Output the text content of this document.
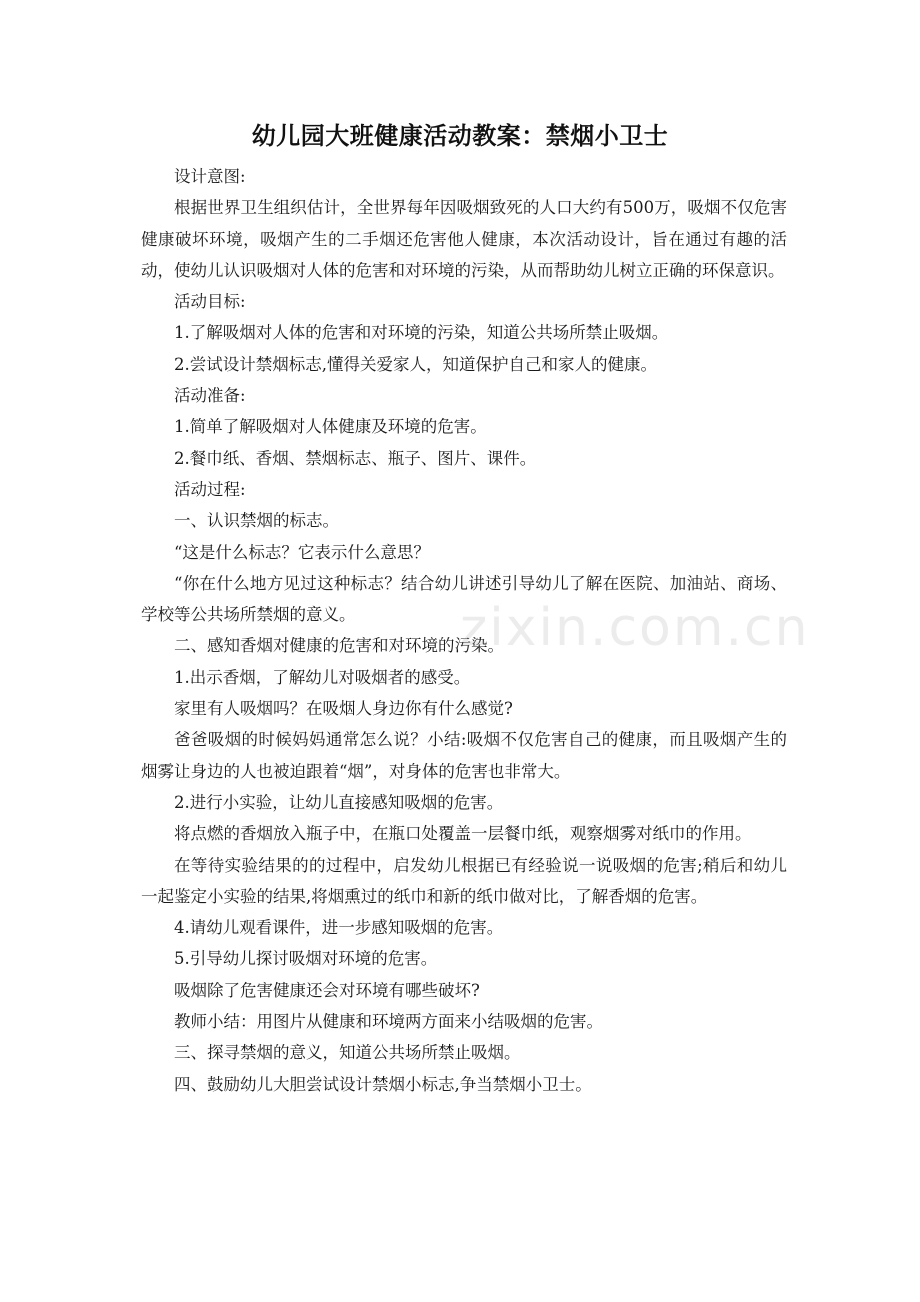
幼儿园大班健康活动教案：禁烟小卫士

设计意图:

根据世界卫生组织估计，全世界每年因吸烟致死的人口大约有500万，吸烟不仅危害健康破坏环境，吸烟产生的二手烟还危害他人健康，本次活动设计，旨在通过有趣的活动，使幼儿认识吸烟对人体的危害和对环境的污染，从而帮助幼儿树立正确的环保意识。

活动目标:

1.了解吸烟对人体的危害和对环境的污染，知道公共场所禁止吸烟。

2.尝试设计禁烟标志,懂得关爱家人，知道保护自己和家人的健康。

活动准备:

1.简单了解吸烟对人体健康及环境的危害。

2.餐巾纸、香烟、禁烟标志、瓶子、图片、课件。

活动过程:

一、认识禁烟的标志。

“这是什么标志？它表示什么意思？

“你在什么地方见过这种标志？结合幼儿讲述引导幼儿了解在医院、加油站、商场、学校等公共场所禁烟的意义。

二、感知香烟对健康的危害和对环境的污染。

1.出示香烟，了解幼儿对吸烟者的感受。

家里有人吸烟吗？在吸烟人身边你有什么感觉?

爸爸吸烟的时候妈妈通常怎么说？小结:吸烟不仅危害自己的健康，而且吸烟产生的烟雾让身边的人也被迫跟着“烟”，对身体的危害也非常大。

2.进行小实验，让幼儿直接感知吸烟的危害。

将点燃的香烟放入瓶子中，在瓶口处覆盖一层餐巾纸，观察烟雾对纸巾的作用。

在等待实验结果的的过程中，启发幼儿根据已有经验说一说吸烟的危害;稍后和幼儿一起鉴定小实验的结果,将烟熏过的纸巾和新的纸巾做对比，了解香烟的危害。

4.请幼儿观看课件，进一步感知吸烟的危害。

5.引导幼儿探讨吸烟对环境的危害。

吸烟除了危害健康还会对环境有哪些破坏?

教师小结：用图片从健康和环境两方面来小结吸烟的危害。

三、探寻禁烟的意义，知道公共场所禁止吸烟。

四、鼓励幼儿大胆尝试设计禁烟小标志,争当禁烟小卫士。

zixin.com.cn
